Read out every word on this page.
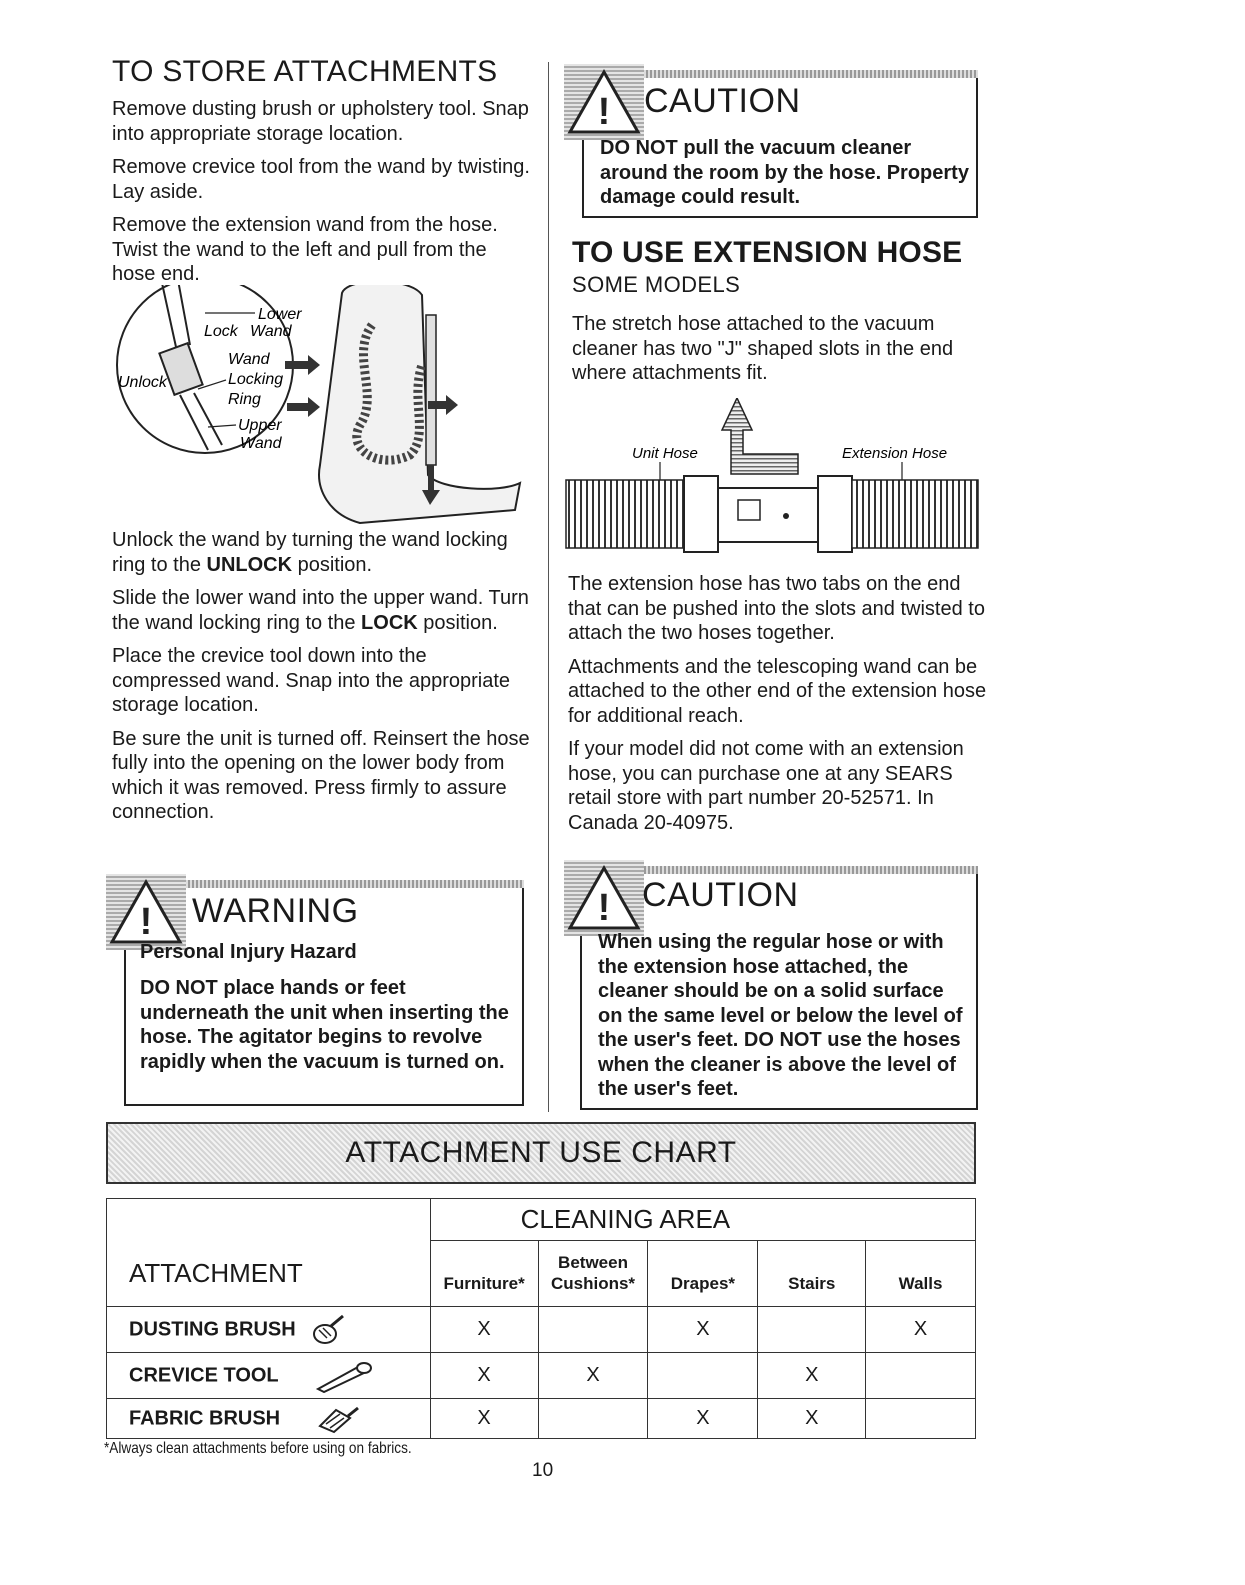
TO STORE ATTACHMENTS

Remove dusting brush or upholstery tool. Snap into appropriate storage location.

Remove crevice tool from the wand by twisting. Lay aside.

Remove the extension wand from the hose. Twist the wand to the left and pull from the hose end.

Lower
Wand
Lock
Wand
Unlock	Locking
Ring
Upper
Wand

Unlock the wand by turning the wand locking ring to the UNLOCK position.

Slide the lower wand into the upper wand. Turn the wand locking ring to the LOCK position.

Place the crevice tool down into the compressed wand. Snap into the appropriate storage location.

Be sure the unit is turned off. Reinsert the hose fully into the opening on the lower body from which it was removed. Press firmly to assure connection.

! WARNING
Personal Injury Hazard
DO NOT place hands or feet underneath the unit when inserting the hose. The agitator begins to revolve rapidly when the vacuum is turned on.
! CAUTION
DO NOT pull the vacuum cleaner around the room by the hose. Property damage could result.
TO USE EXTENSION HOSE
SOME MODELS

The stretch hose attached to the vacuum cleaner has two "J" shaped slots in the end where attachments fit.

Unit Hose	Extension Hose

The extension hose has two tabs on the end that can be pushed into the slots and twisted to attach the two hoses together.

Attachments and the telescoping wand can be attached to the other end of the extension hose for additional reach.

If your model did not come with an extension hose, you can purchase one at any SEARS retail store with part number 20-52571. In Canada 20-40975.

! CAUTION
When using the regular hose or with the extension hose attached, the cleaner should be on a solid surface on the same level or below the level of the user's feet. DO NOT use the hoses when the cleaner is above the level of the user's feet.
ATTACHMENT USE CHART
	CLEANING AREA				
ATTACHMENT	Furniture*	Between Cushions*	Drapes*	Stairs	Walls
DUSTING BRUSH	X		X		X
CREVICE TOOL	X	X		X	
FABRIC BRUSH	X		X	X	
*Always clean attachments before using on fabrics.
10
